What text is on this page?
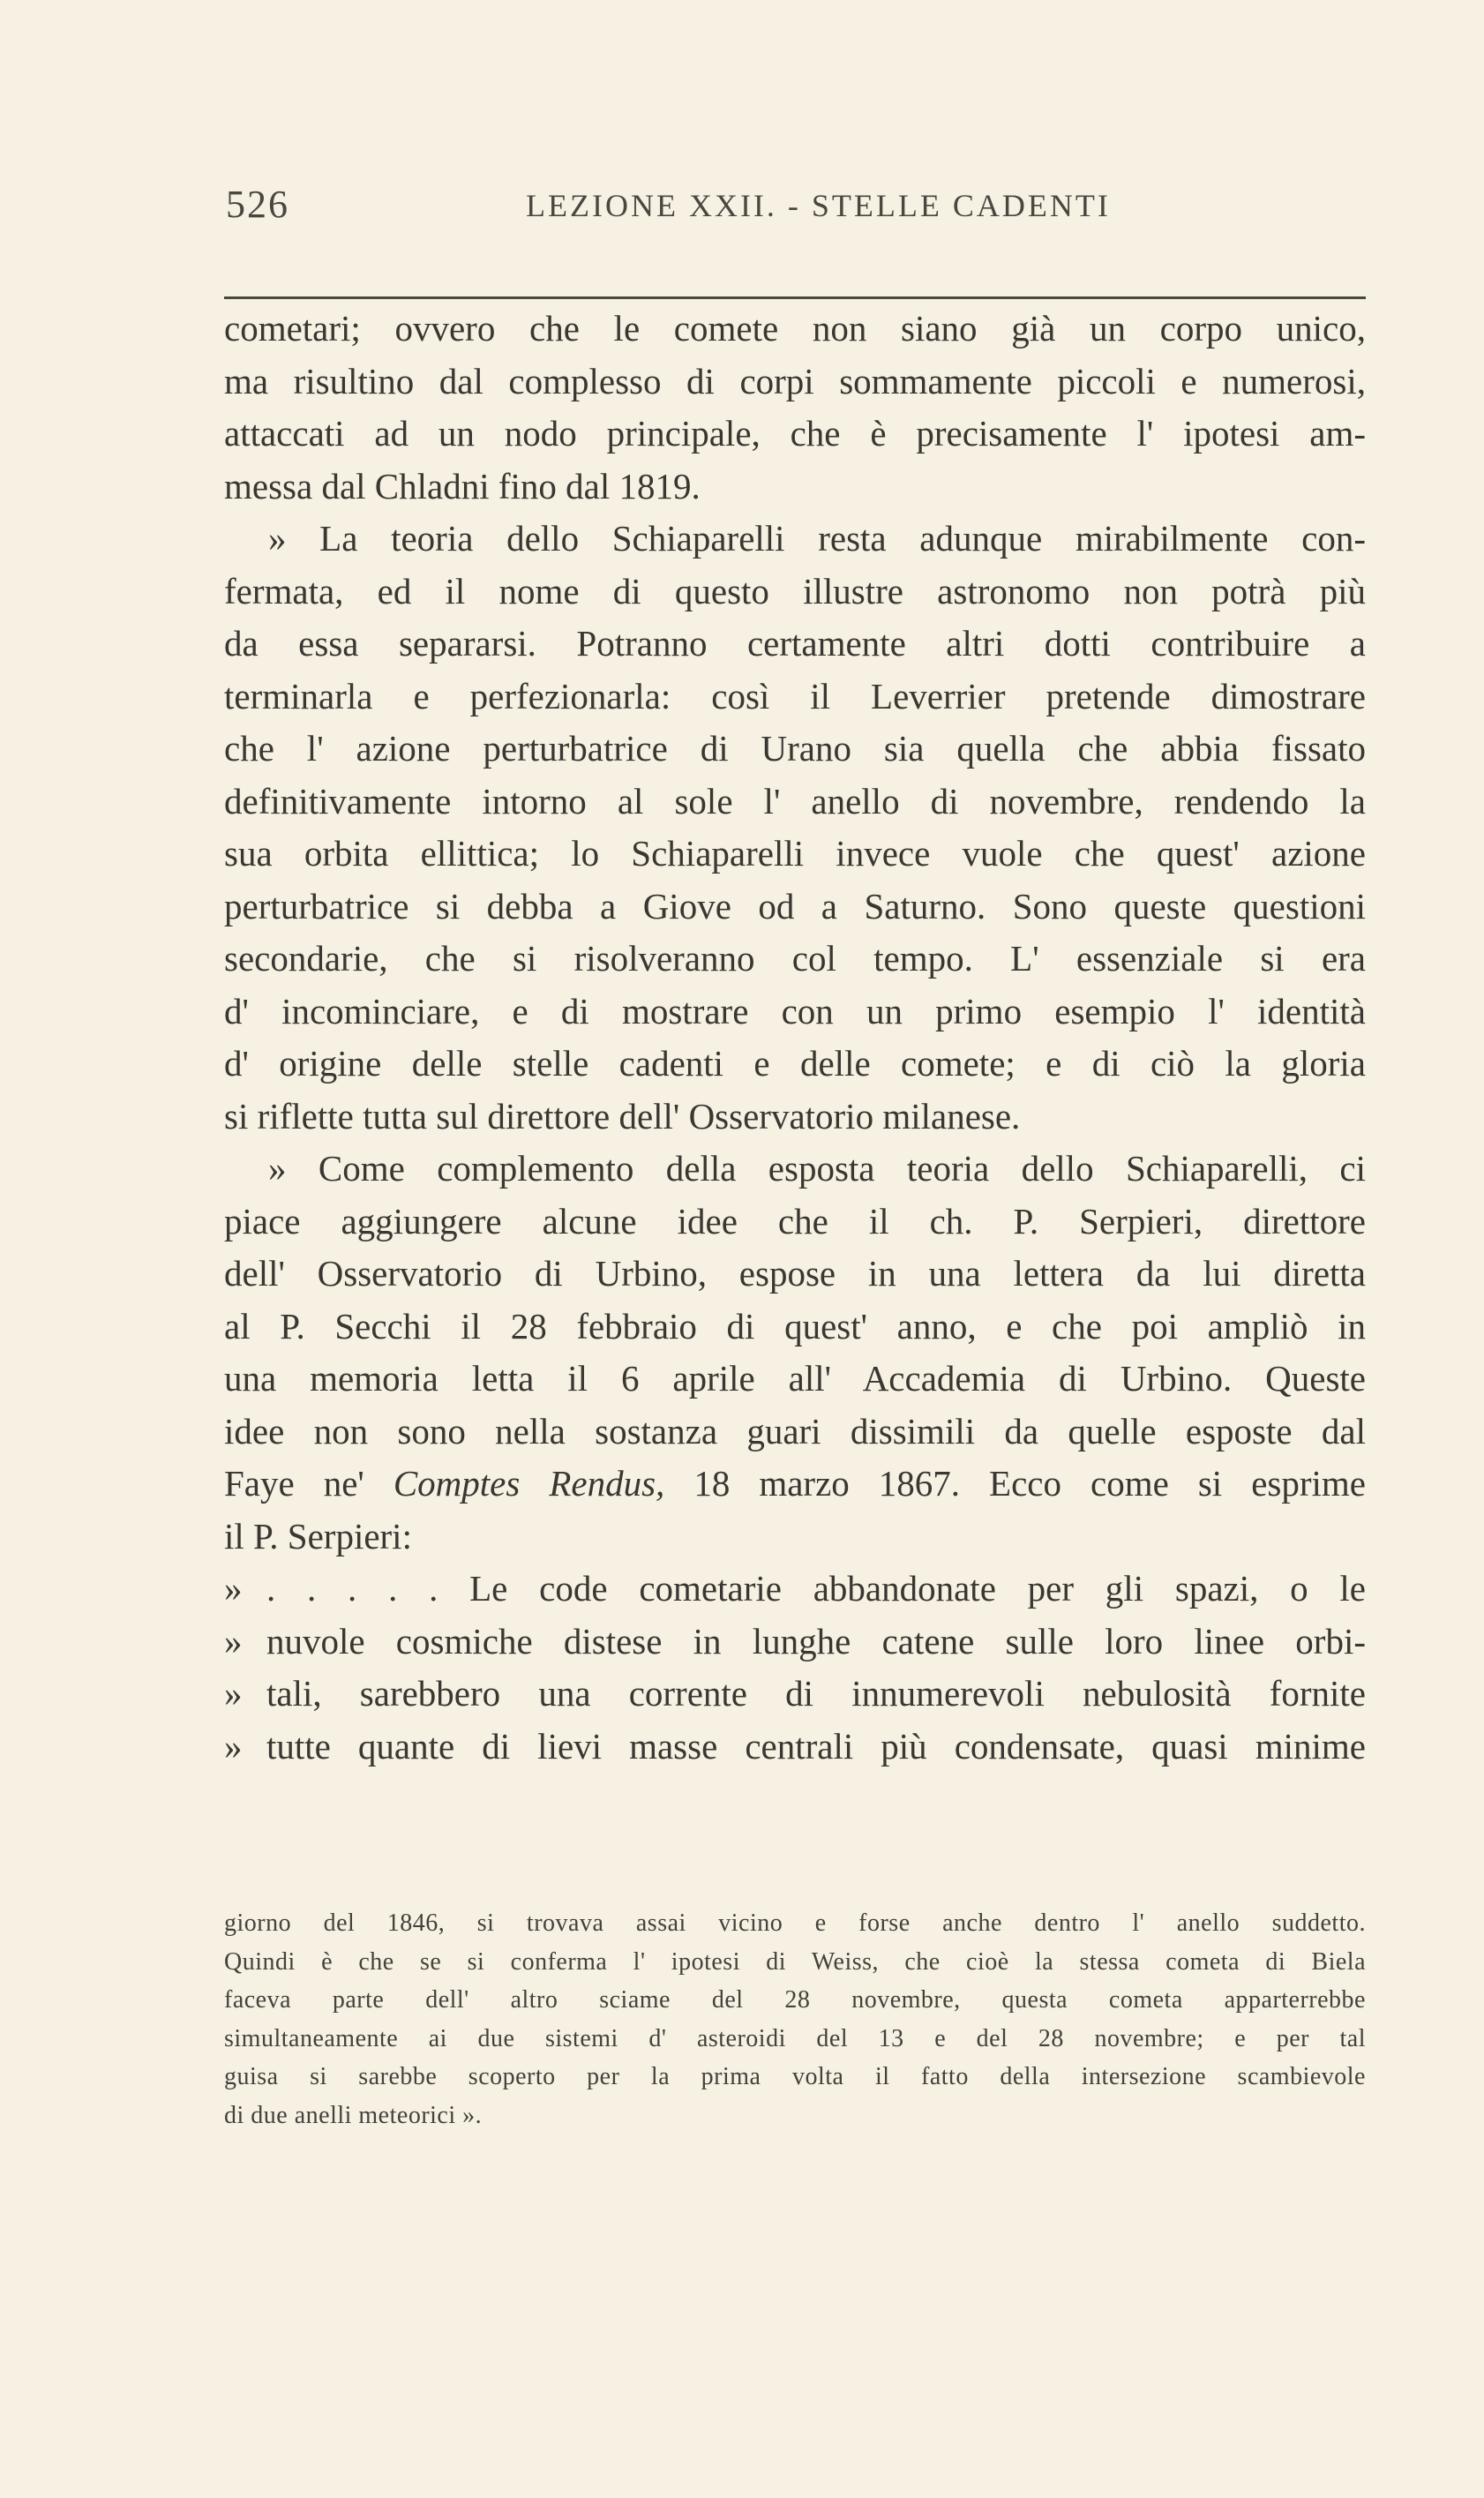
526	LEZIONE XXII. - STELLE CADENTI
cometari; ovvero che le comete non siano già un corpo unico,
ma risultino dal complesso di corpi sommamente piccoli e numerosi,
attaccati ad un nodo principale, che è precisamente l' ipotesi am-
messa dal Chladni fino dal 1819.
» La teoria dello Schiaparelli resta adunque mirabilmente con-
fermata, ed il nome di questo illustre astronomo non potrà più
da essa separarsi. Potranno certamente altri dotti contribuire a
terminarla e perfezionarla: così il Leverrier pretende dimostrare
che l' azione perturbatrice di Urano sia quella che abbia fissato
definitivamente intorno al sole l' anello di novembre, rendendo la
sua orbita ellittica; lo Schiaparelli invece vuole che quest' azione
perturbatrice si debba a Giove od a Saturno. Sono queste questioni
secondarie, che si risolveranno col tempo. L' essenziale si era
d' incominciare, e di mostrare con un primo esempio l' identità
d' origine delle stelle cadenti e delle comete; e di ciò la gloria
si riflette tutta sul direttore dell' Osservatorio milanese.
» Come complemento della esposta teoria dello Schiaparelli, ci
piace aggiungere alcune idee che il ch. P. Serpieri, direttore
dell' Osservatorio di Urbino, espose in una lettera da lui diretta
al P. Secchi il 28 febbraio di quest' anno, e che poi ampliò in
una memoria letta il 6 aprile all' Accademia di Urbino. Queste
idee non sono nella sostanza guari dissimili da quelle esposte dal
Faye ne' Comptes Rendus, 18 marzo 1867. Ecco come si esprime
il P. Serpieri:
» . . . . . Le code cometarie abbandonate per gli spazi, o le
» nuvole cosmiche distese in lunghe catene sulle loro linee orbi-
» tali, sarebbero una corrente di innumerevoli nebulosità fornite
» tutte quante di lievi masse centrali più condensate, quasi minime
giorno del 1846, si trovava assai vicino e forse anche dentro l' anello suddetto.
Quindi è che se si conferma l' ipotesi di Weiss, che cioè la stessa cometa di Biela
faceva parte dell' altro sciame del 28 novembre, questa cometa apparterrebbe
simultaneamente ai due sistemi d' asteroidi del 13 e del 28 novembre; e per tal
guisa si sarebbe scoperto per la prima volta il fatto della intersezione scambievole
di due anelli meteorici ».
